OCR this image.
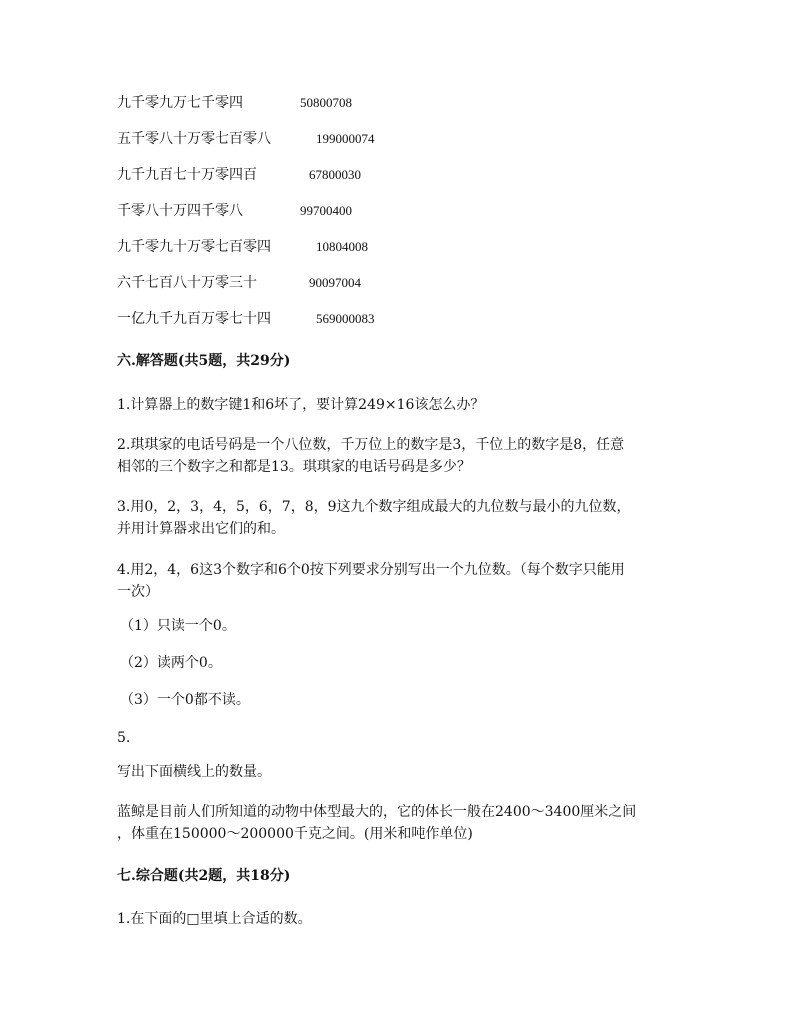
九千零九万七千零四	50800708
五千零八十万零七百零八	199000074
九千九百七十万零四百	67800030
千零八十万四千零八	99700400
九千零九十万零七百零四	10804008
六千七百八十万零三十	90097004
一亿九千九百万零七十四	569000083
六.解答题(共5题，共29分)
1.计算器上的数字键1和6坏了，要计算249×16该怎么办？
2.琪琪家的电话号码是一个八位数，千万位上的数字是3，千位上的数字是8，任意
相邻的三个数字之和都是13。琪琪家的电话号码是多少？
3.用0，2，3，4，5，6，7，8，9这九个数字组成最大的九位数与最小的九位数，
并用计算器求出它们的和。
4.用2，4，6这3个数字和6个0按下列要求分别写出一个九位数。（每个数字只能用
一次）
（1）只读一个0。
（2）读两个0。
（3）一个0都不读。
5.
写出下面横线上的数量。
蓝鲸是目前人们所知道的动物中体型最大的，它的体长一般在2400～3400厘米之间
，体重在150000～200000千克之间。(用米和吨作单位)
七.综合题(共2题，共18分)
1.在下面的□里填上合适的数。
